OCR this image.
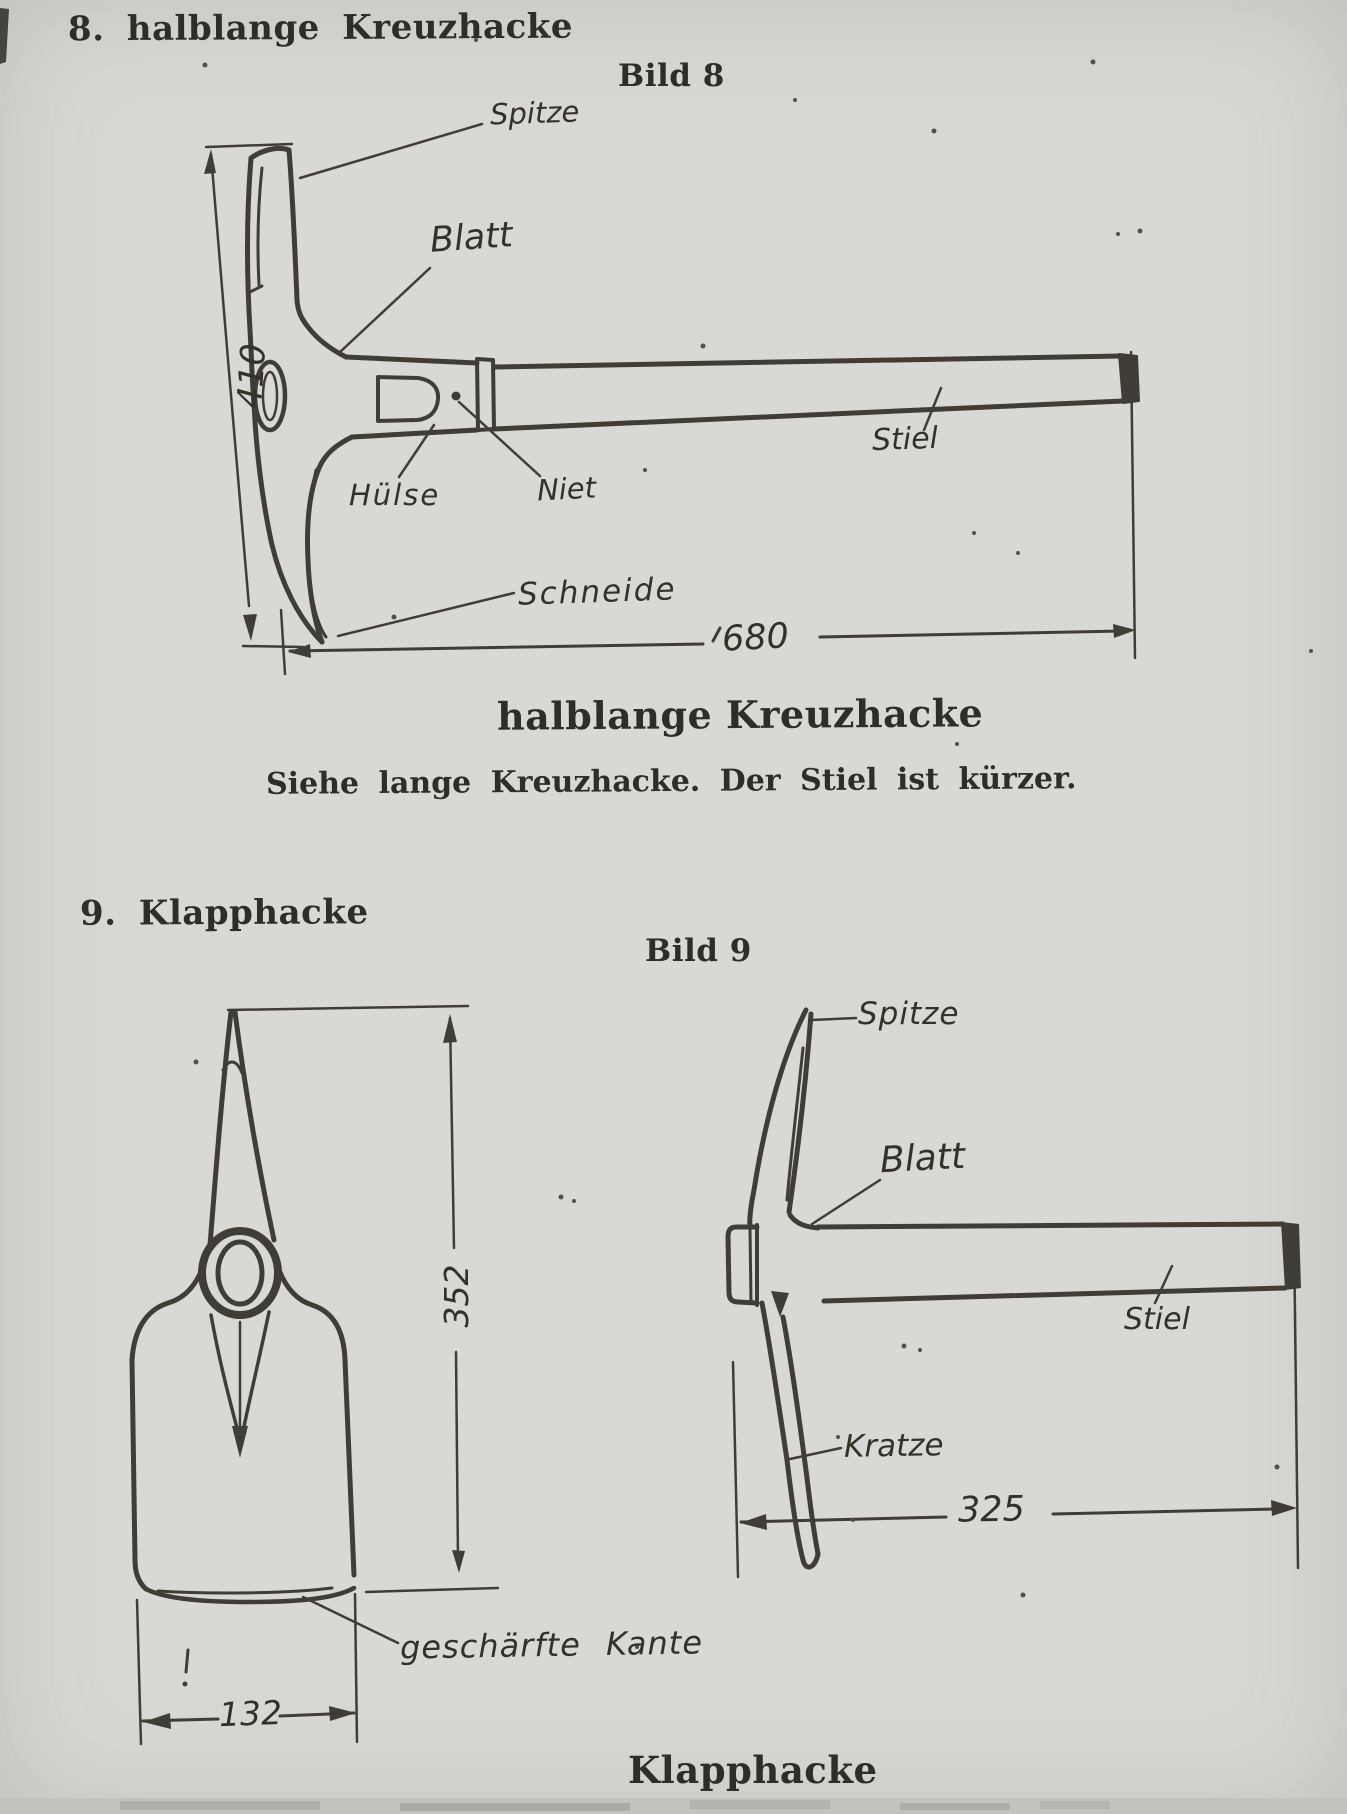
8. halblange Kreuzhacke
Bild 8
Spitze
Blatt
Hülse	Niet
Stiel
Schneide
410
680
halblange Kreuzhacke
Siehe lange Kreuzhacke. Der Stiel ist kürzer.
9. Klapphacke
Bild 9
352
132
325
geschärfte Kante
Spitze
Blatt
Stiel
Kratze
Klapphacke
